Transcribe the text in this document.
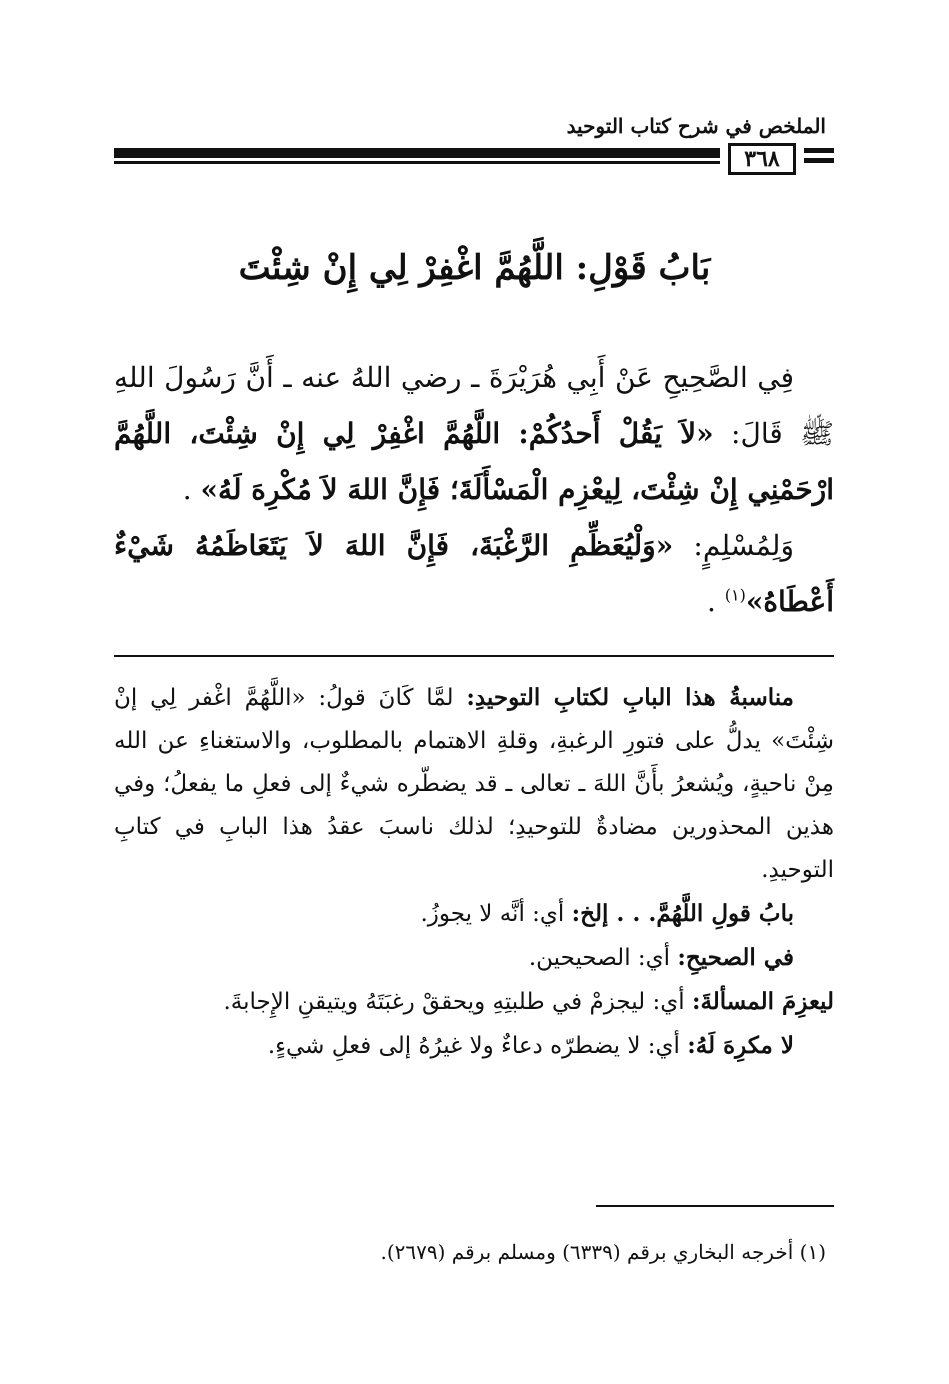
الملخص في شرح كتاب التوحيد
٣٦٨
بَابُ قَوْلِ: اللَّهُمَّ اغْفِرْ لِي إِنْ شِئْتَ

فِي الصَّحِيحِ عَنْ أَبِي هُرَيْرَةَ ـ رضي اللهُ عنه ـ أَنَّ رَسُولَ اللهِ ﷺ قَالَ: «لاَ يَقُلْ أَحدُكُمْ: اللَّهُمَّ اغْفِرْ لِي إِنْ شِئْتَ، اللَّهُمَّ ارْحَمْنِي إِنْ شِئْتَ، لِيعْزِم الْمَسْأَلَةَ؛ فَإِنَّ اللهَ لاَ مُكْرِهَ لَهُ» .

وَلِمُسْلِمٍ: «وَلْيُعَظِّمِ الرَّغْبَةَ، فَإِنَّ اللهَ لاَ يَتَعَاظَمُهُ شَيْءٌ أَعْطَاهُ»$^{(١)}$ .

مناسبةُ هذا البابِ لكتابِ التوحيدِ: لمَّا كَانَ قولُ: «اللَّهُمَّ اغْفر لِي إنْ شِئْتَ» يدلُّ على فتورِ الرغبةِ، وقلةِ الاهتمام بالمطلوب، والاستغناءِ عن الله مِنْ ناحيةٍ، ويُشعرُ بأَنَّ اللهَ ـ تعالى ـ قد يضطّره شيءٌ إلى فعلِ ما يفعلُ؛ وفي هذين المحذورين مضادةٌ للتوحيدِ؛ لذلك ناسبَ عقدُ هذا البابِ في كتابِ التوحيدِ.

بابُ قولِ اللَّهُمَّ. . . إلخ: أي: أنَّه لا يجوزُ.

في الصحيحِ: أي: الصحيحين.

ليعزِمَ المسألةَ: أي: ليجزمْ في طلبتِهِ ويحققْ رغبَتَهُ ويتيقنِ الإِجابةَ.

لا مكرِهَ لَهُ: أي: لا يضطرّه دعاءٌ ولا غيرُهُ إلى فعلِ شيءٍ.

(١) أخرجه البخاري برقم (٦٣٣٩) ومسلم برقم (٢٦٧٩).
